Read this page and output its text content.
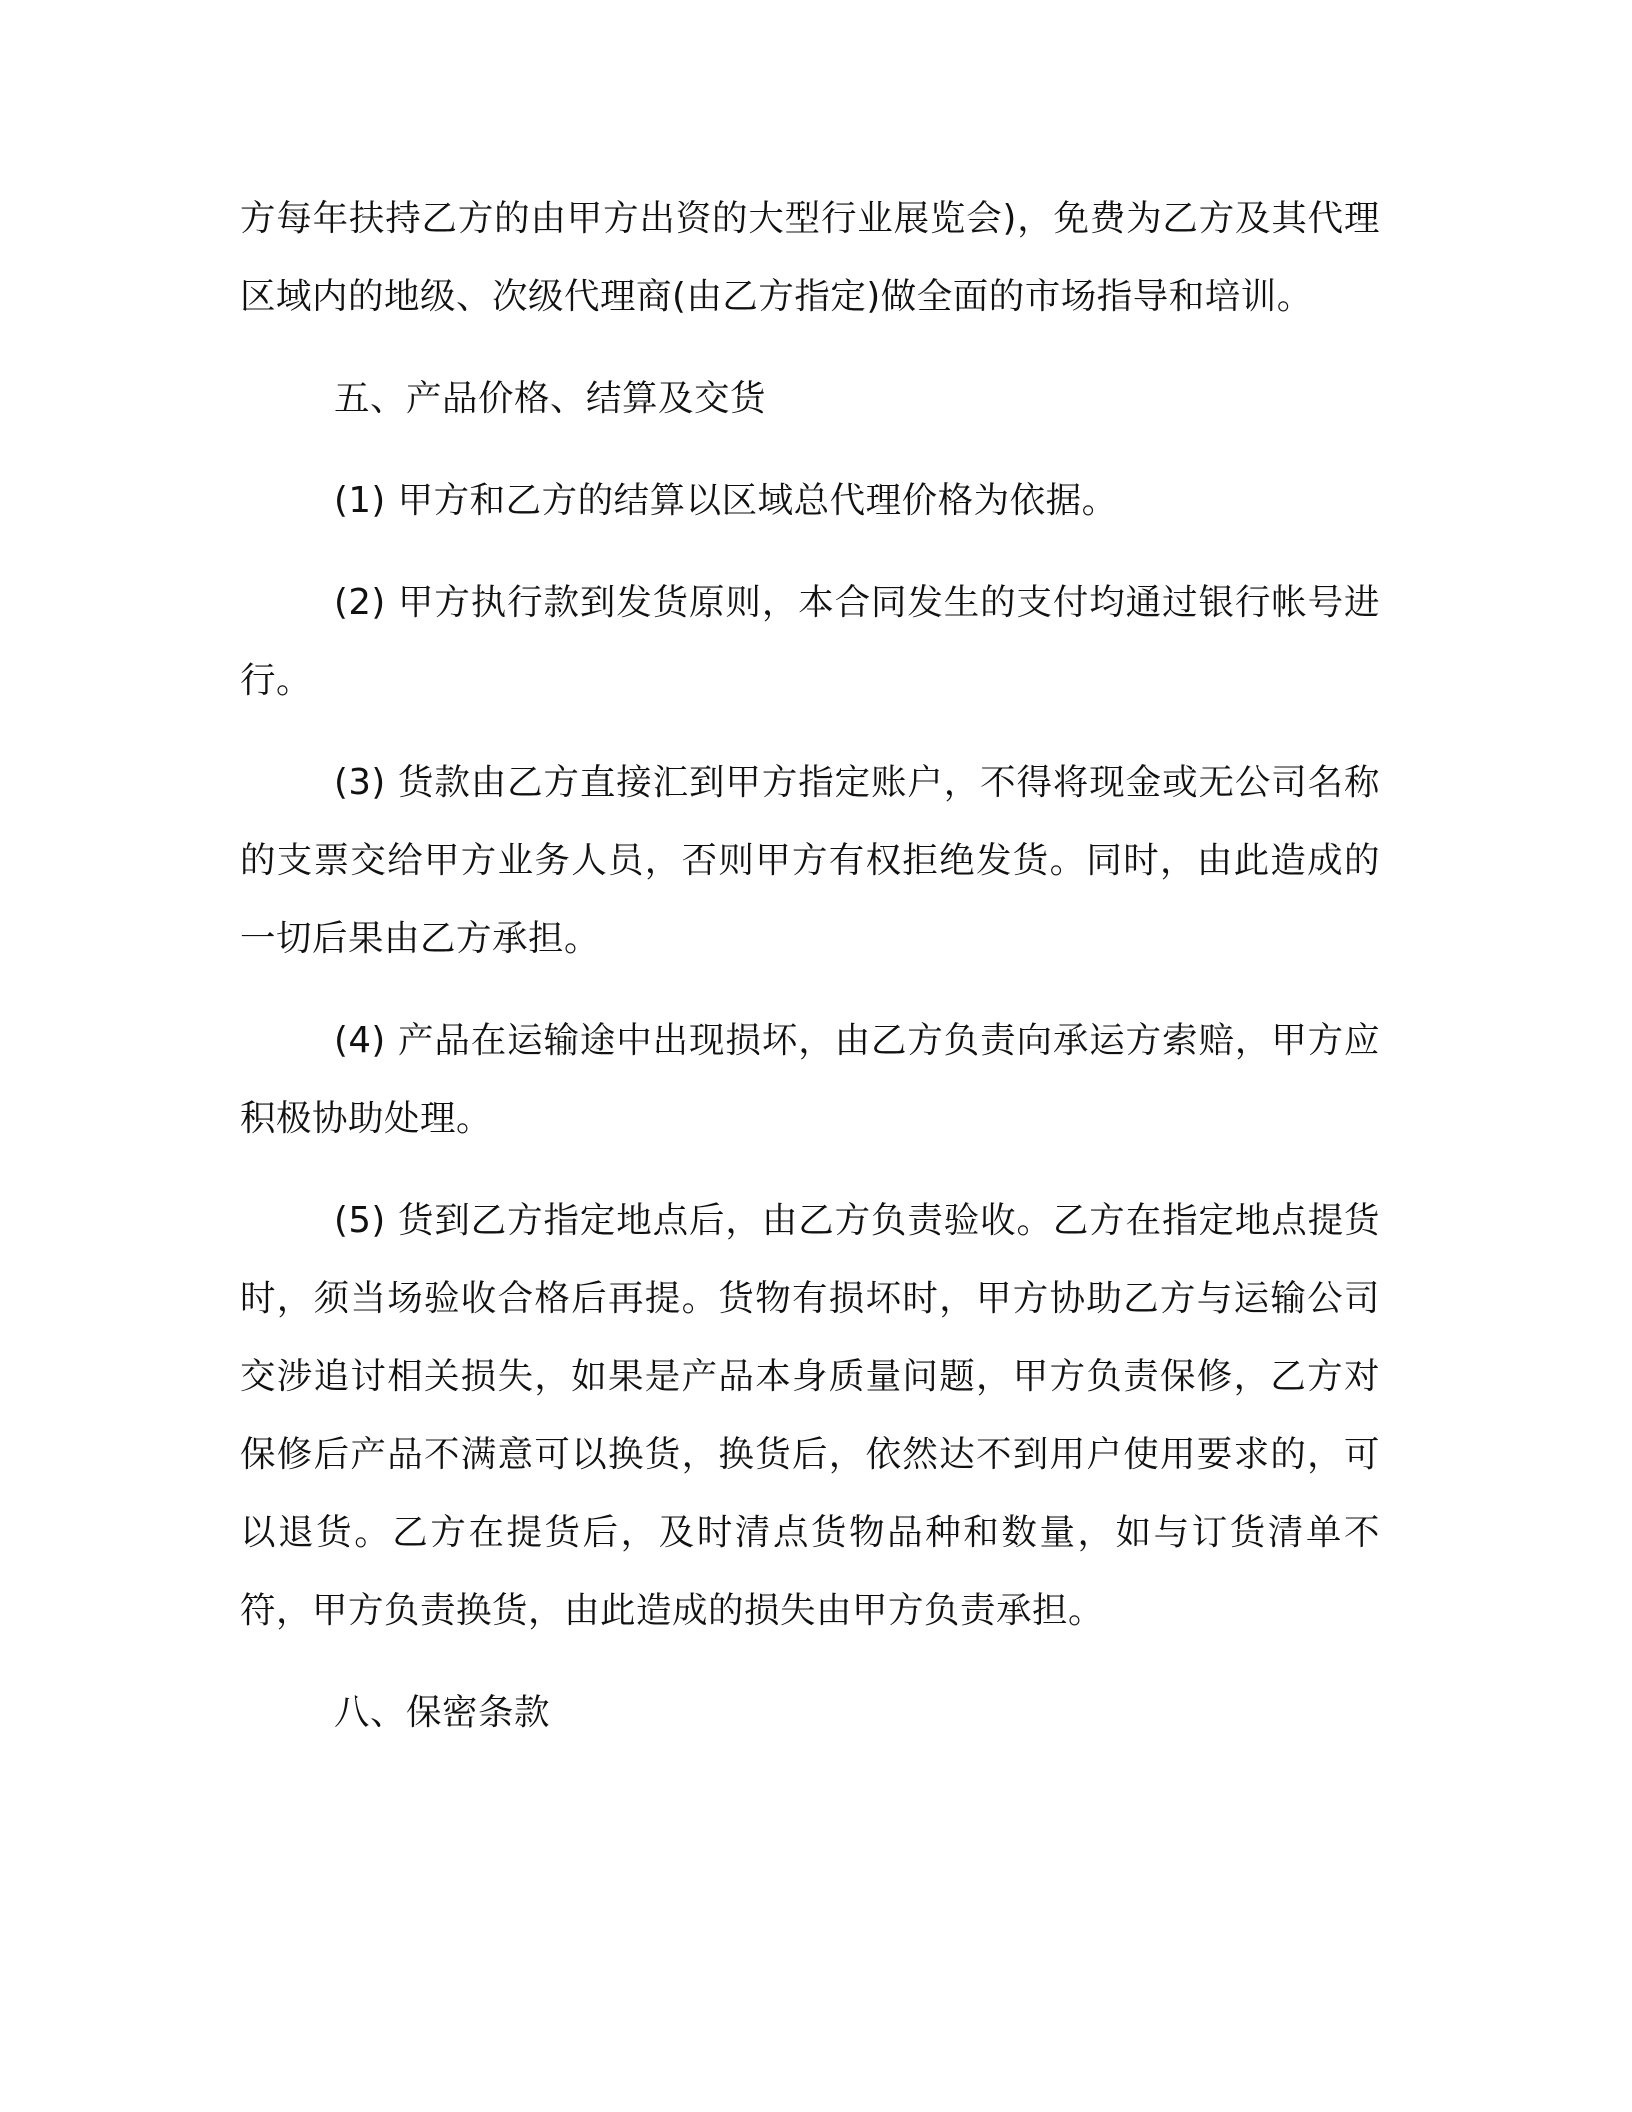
方每年扶持乙方的由甲方出资的大型行业展览会)，免费为乙方及其代理区域内的地级、次级代理商(由乙方指定)做全面的市场指导和培训。

五、产品价格、结算及交货

(1) 甲方和乙方的结算以区域总代理价格为依据。

(2) 甲方执行款到发货原则，本合同发生的支付均通过银行帐号进行。

(3) 货款由乙方直接汇到甲方指定账户，不得将现金或无公司名称的支票交给甲方业务人员，否则甲方有权拒绝发货。同时，由此造成的一切后果由乙方承担。

(4) 产品在运输途中出现损坏，由乙方负责向承运方索赔，甲方应积极协助处理。

(5) 货到乙方指定地点后，由乙方负责验收。乙方在指定地点提货时，须当场验收合格后再提。货物有损坏时，甲方协助乙方与运输公司交涉追讨相关损失，如果是产品本身质量问题，甲方负责保修，乙方对保修后产品不满意可以换货，换货后，依然达不到用户使用要求的，可以退货。乙方在提货后，及时清点货物品种和数量，如与订货清单不符，甲方负责换货，由此造成的损失由甲方负责承担。

八、保密条款
